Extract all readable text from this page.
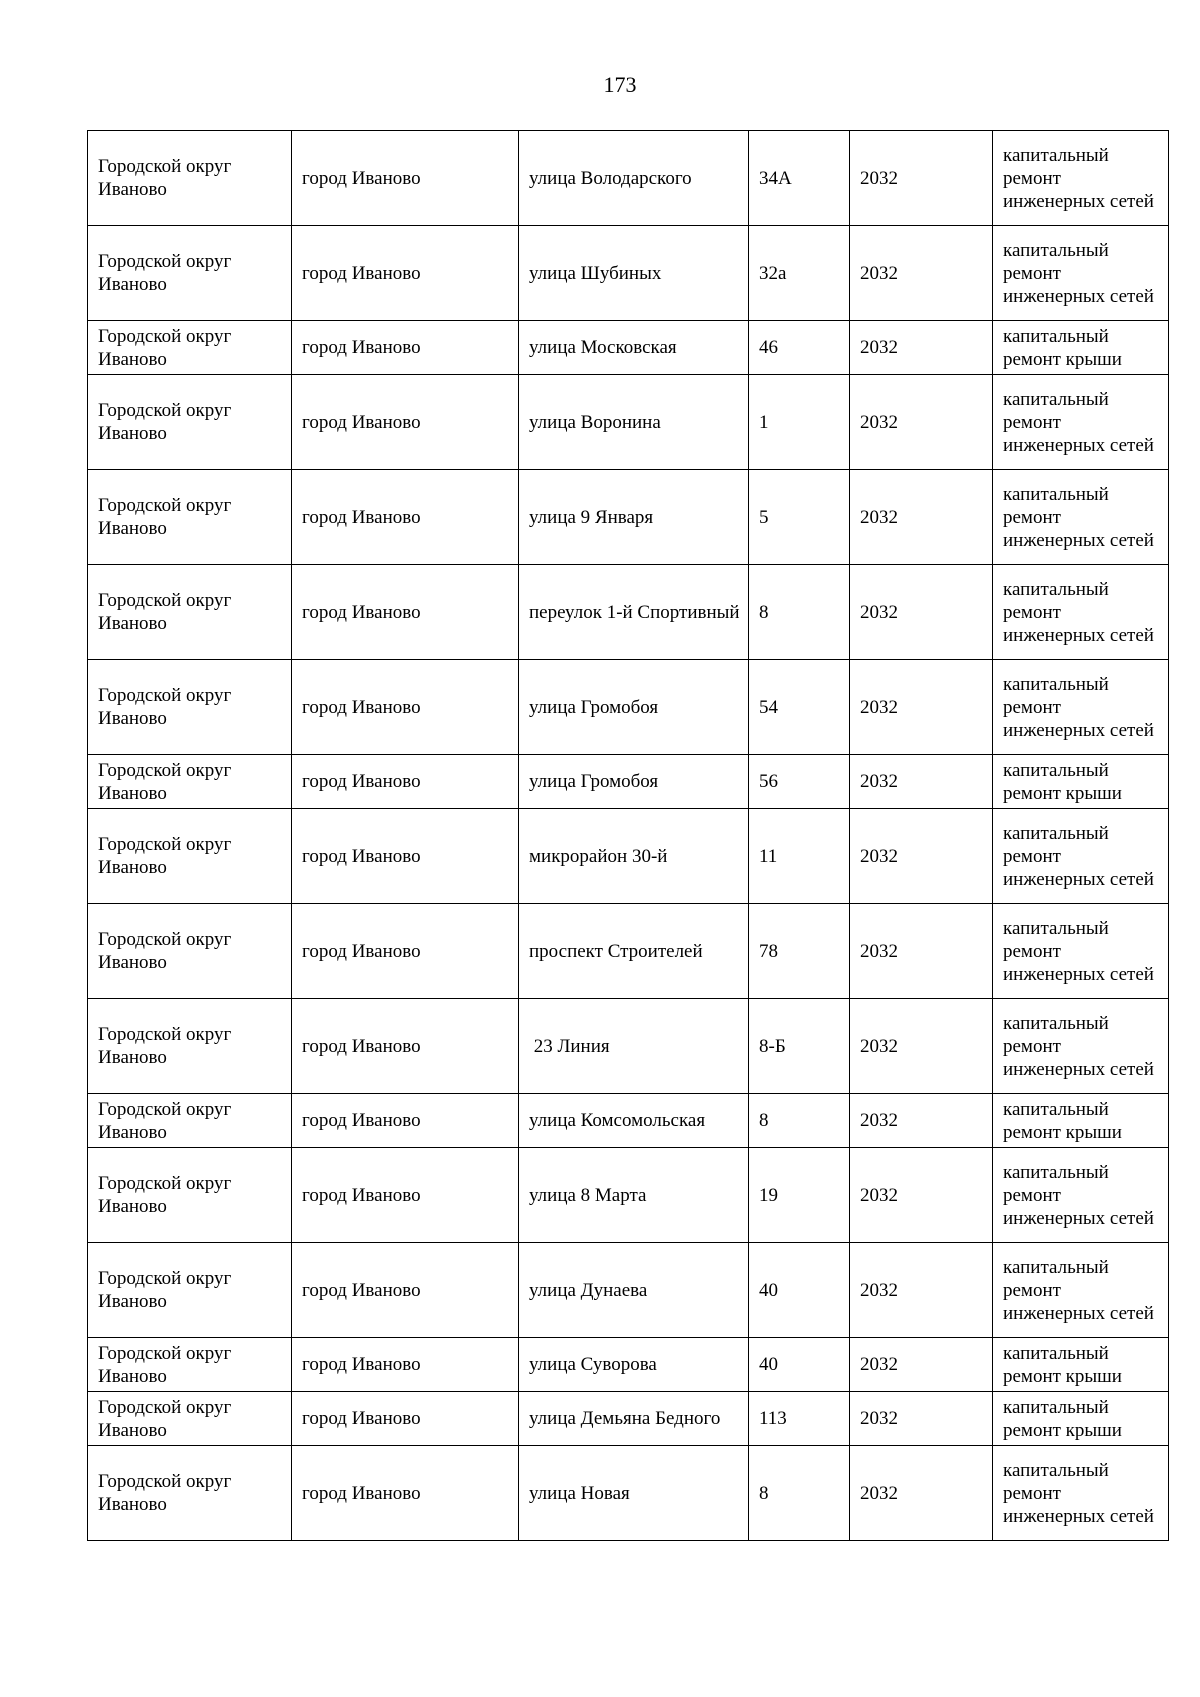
173
Городской округ Иваново	город Иваново	улица Володарского	34А	2032	капитальный ремонт инженерных сетей
Городской округ Иваново	город Иваново	улица Шубиных	32а	2032	капитальный ремонт инженерных сетей
Городской округ Иваново	город Иваново	улица Московская	46	2032	капитальный ремонт крыши
Городской округ Иваново	город Иваново	улица Воронина	1	2032	капитальный ремонт инженерных сетей
Городской округ Иваново	город Иваново	улица 9 Января	5	2032	капитальный ремонт инженерных сетей
Городской округ Иваново	город Иваново	переулок 1-й Спортивный	8	2032	капитальный ремонт инженерных сетей
Городской округ Иваново	город Иваново	улица Громобоя	54	2032	капитальный ремонт инженерных сетей
Городской округ Иваново	город Иваново	улица Громобоя	56	2032	капитальный ремонт крыши
Городской округ Иваново	город Иваново	микрорайон 30-й	11	2032	капитальный ремонт инженерных сетей
Городской округ Иваново	город Иваново	проспект Строителей	78	2032	капитальный ремонт инженерных сетей
Городской округ Иваново	город Иваново	23 Линия	8-Б	2032	капитальный ремонт инженерных сетей
Городской округ Иваново	город Иваново	улица Комсомольская	8	2032	капитальный ремонт крыши
Городской округ Иваново	город Иваново	улица 8 Марта	19	2032	капитальный ремонт инженерных сетей
Городской округ Иваново	город Иваново	улица Дунаева	40	2032	капитальный ремонт инженерных сетей
Городской округ Иваново	город Иваново	улица Суворова	40	2032	капитальный ремонт крыши
Городской округ Иваново	город Иваново	улица Демьяна Бедного	113	2032	капитальный ремонт крыши
Городской округ Иваново	город Иваново	улица Новая	8	2032	капитальный ремонт инженерных сетей
